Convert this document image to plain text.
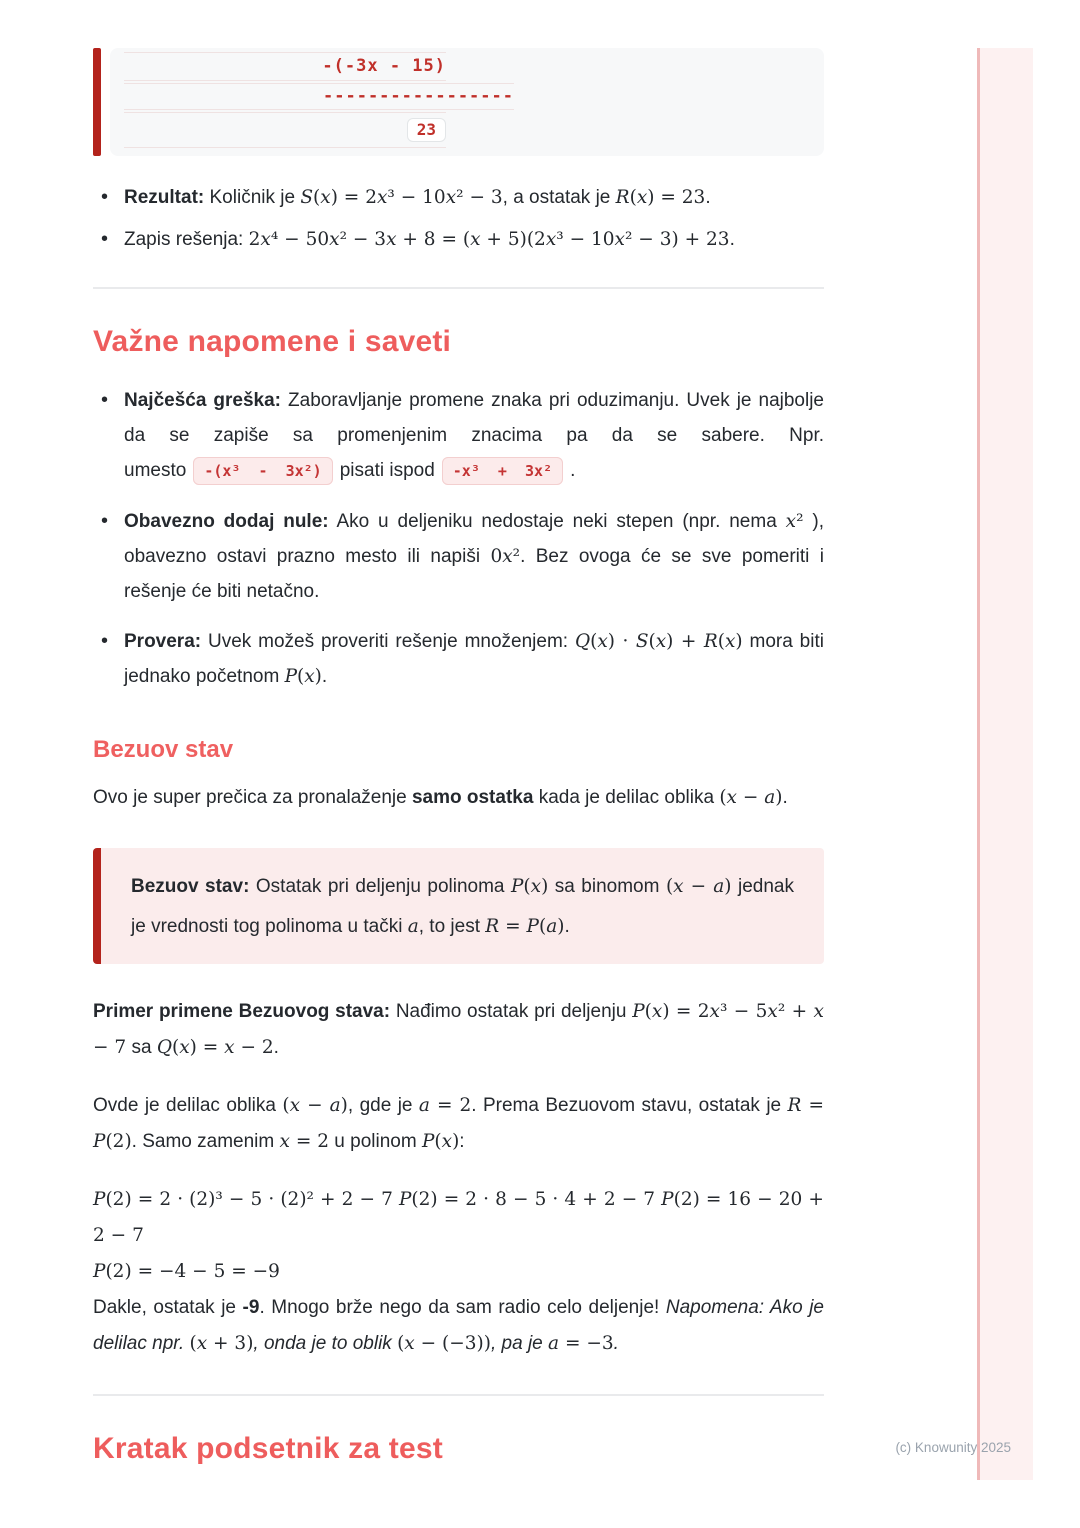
-(-3x - 15)
-----------------
23
• Rezultat: Količnik je S(x) = 2x³ − 10x² − 3, a ostatak je R(x) = 23.
• Zapis rešenja: 2x⁴ − 50x² − 3x + 8 = (x + 5)(2x³ − 10x² − 3) + 23.
Važne napomene i saveti
• Najčešća greška: Zaboravljanje promene znaka pri oduzimanju. Uvek je najbolje da se zapiše sa promenjenim znacima pa da se sabere. Npr. umesto -(x³  -  3x²) pisati ispod -x³  +  3x² .
• Obavezno dodaj nule: Ako u deljeniku nedostaje neki stepen (npr. nema x² ), obavezno ostavi prazno mesto ili napiši 0x². Bez ovoga će se sve pomeriti i rešenje će biti netačno.
• Provera: Uvek možeš proveriti rešenje množenjem: Q(x) · S(x) + R(x) mora biti jednako početnom P(x).
Bezuov stav

Ovo je super prečica za pronalaženje samo ostatka kada je delilac oblika (x − a).

Bezuov stav: Ostatak pri deljenju polinoma P(x) sa binomom (x − a) jednak je vrednosti tog polinoma u tački a, to jest R = P(a).

Primer primene Bezuovog stava: Nađimo ostatak pri deljenju P(x) = 2x³ − 5x² + x − 7 sa Q(x) = x − 2.

Ovde je delilac oblika (x − a), gde je a = 2. Prema Bezuovom stavu, ostatak je R = P(2). Samo zamenim x = 2 u polinom P(x):

P(2) = 2 · (2)³ − 5 · (2)² + 2 − 7 P(2) = 2 · 8 − 5 · 4 + 2 − 7 P(2) = 16 − 20 + 2 − 7
P(2) = −4 − 5 = −9

Dakle, ostatak je -9. Mnogo brže nego da sam radio celo deljenje! Napomena: Ako je delilac npr. (x + 3), onda je to oblik (x − (−3)), pa je a = −3.

Kratak podsetnik za test	(c) Knowunity 2025
